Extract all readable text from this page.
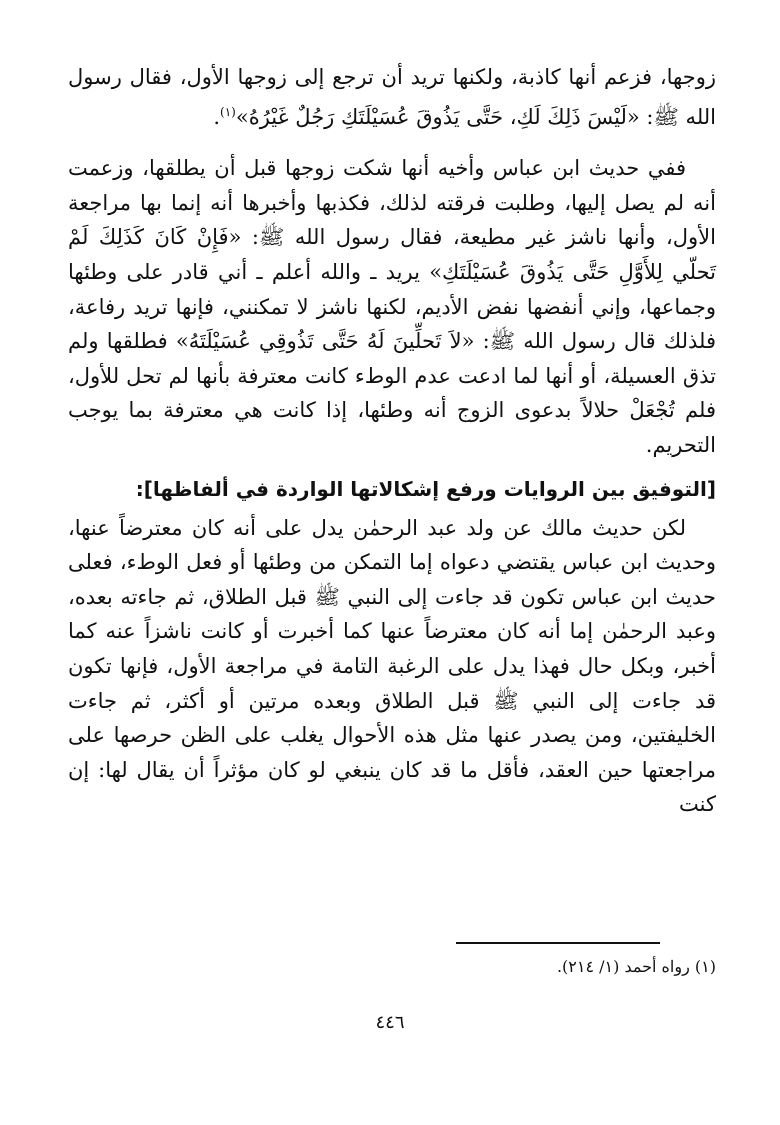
زوجها، فزعم أنها كاذبة، ولكنها تريد أن ترجع إلى زوجها الأول، فقال رسول الله ﷺ: «لَيْسَ ذَلِكَ لَكِ، حَتَّى يَذُوقَ عُسَيْلَتَكِ رَجُلٌ غَيْرُهُ»$^{(١)}$.

ففي حديث ابن عباس وأخيه أنها شكت زوجها قبل أن يطلقها، وزعمت أنه لم يصل إليها، وطلبت فرقته لذلك، فكذبها وأخبرها أنه إنما بها مراجعة الأول، وأنها ناشز غير مطيعة، فقال رسول الله ﷺ: «فَإِنْ كَانَ كَذَلِكَ لَمْ تَحلّي لِلأَوَّلِ حَتَّى يَذُوقَ عُسَيْلَتَكِ» يريد ـ والله أعلم ـ أني قادر على وطئها وجماعها، وإني أنفضها نفض الأديم، لكنها ناشز لا تمكنني، فإنها تريد رفاعة، فلذلك قال رسول الله ﷺ: «لاَ تَحلِّينَ لَهُ حَتَّى تَذُوقِي عُسَيْلَتَهُ» فطلقها ولم تذق العسيلة، أو أنها لما ادعت عدم الوطء كانت معترفة بأنها لم تحل للأول، فلم تُجْعَلْ حلالاً بدعوى الزوج أنه وطئها، إذا كانت هي معترفة بما يوجب التحريم.

[التوفيق بين الروايات ورفع إشكالاتها الواردة في ألفاظها]:

لكن حديث مالك عن ولد عبد الرحمٰن يدل على أنه كان معترضاً عنها، وحديث ابن عباس يقتضي دعواه إما التمكن من وطئها أو فعل الوطء، فعلى حديث ابن عباس تكون قد جاءت إلى النبي ﷺ قبل الطلاق، ثم جاءته بعده، وعبد الرحمٰن إما أنه كان معترضاً عنها كما أخبرت أو كانت ناشزاً عنه كما أخبر، وبكل حال فهذا يدل على الرغبة التامة في مراجعة الأول، فإنها تكون قد جاءت إلى النبي ﷺ قبل الطلاق وبعده مرتين أو أكثر، ثم جاءت الخليفتين، ومن يصدر عنها مثل هذه الأحوال يغلب على الظن حرصها على مراجعتها حين العقد، فأقل ما قد كان ينبغي لو كان مؤثراً أن يقال لها: إن كنت

(١) رواه أحمد (١/ ٢١٤).
٤٤٦
